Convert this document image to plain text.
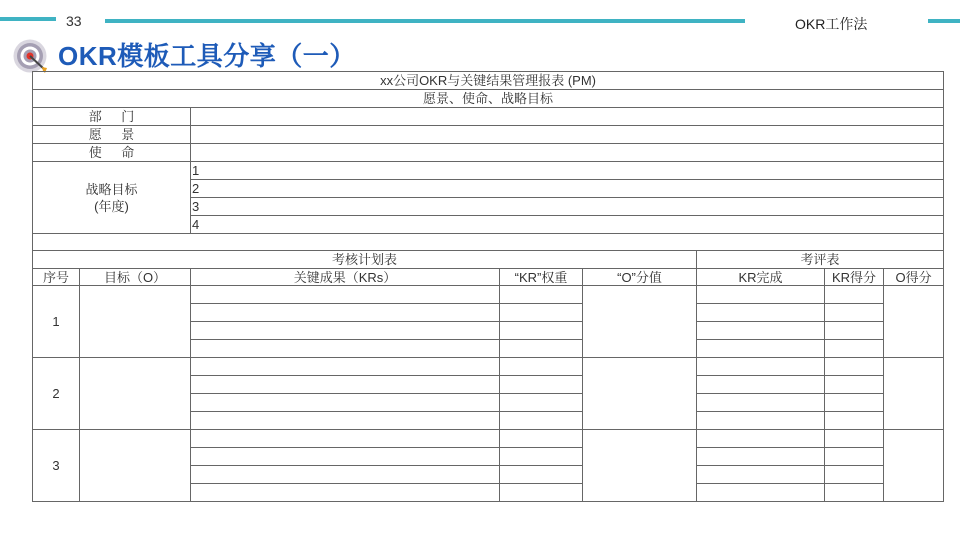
33	OKR工作法
OKR模板工具分享（一）
xx公司OKR与关键结果管理报表 (PM)							
愿景、使命、战略目标							
部 门							
愿 景							
使 命							

战略目标
(年度)		1					
		2					
		3					
		4					

考核计划表					考评表		
序号	目标（O）	关键成果（KRs）	“KR”权重	“O”分值	KR完成	KR得分	O得分
1							

2							

3							
